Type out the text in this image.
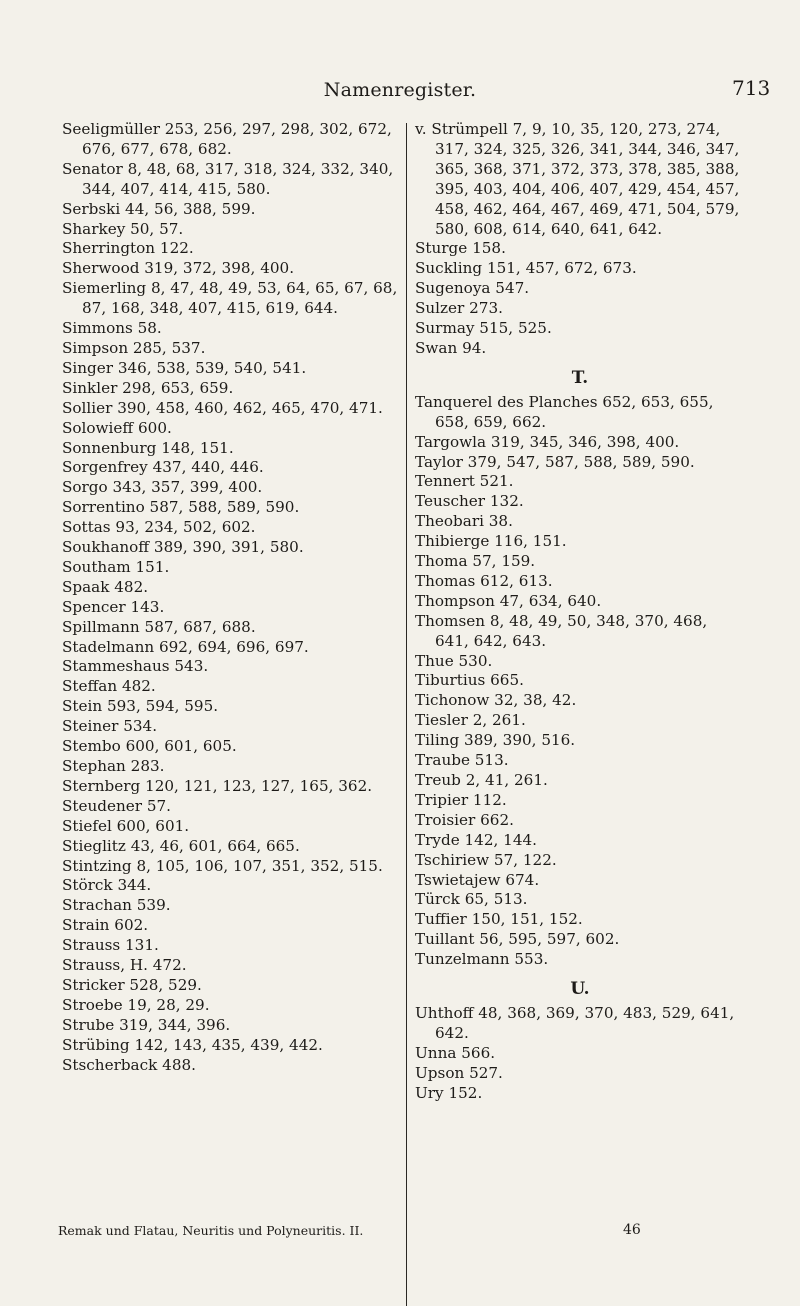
Namenregister.	713
Seeligmüller 253, 256, 297, 298, 302, 672, 676, 677, 678, 682.
Senator 8, 48, 68, 317, 318, 324, 332, 340, 344, 407, 414, 415, 580.
Serbski 44, 56, 388, 599.
Sharkey 50, 57.
Sherrington 122.
Sherwood 319, 372, 398, 400.
Siemerling 8, 47, 48, 49, 53, 64, 65, 67, 68, 87, 168, 348, 407, 415, 619, 644.
Simmons 58.
Simpson 285, 537.
Singer 346, 538, 539, 540, 541.
Sinkler 298, 653, 659.
Sollier 390, 458, 460, 462, 465, 470, 471.
Solowieff 600.
Sonnenburg 148, 151.
Sorgenfrey 437, 440, 446.
Sorgo 343, 357, 399, 400.
Sorrentino 587, 588, 589, 590.
Sottas 93, 234, 502, 602.
Soukhanoff 389, 390, 391, 580.
Southam 151.
Spaak 482.
Spencer 143.
Spillmann 587, 687, 688.
Stadelmann 692, 694, 696, 697.
Stammeshaus 543.
Steffan 482.
Stein 593, 594, 595.
Steiner 534.
Stembo 600, 601, 605.
Stephan 283.
Sternberg 120, 121, 123, 127, 165, 362.
Steudener 57.
Stiefel 600, 601.
Stieglitz 43, 46, 601, 664, 665.
Stintzing 8, 105, 106, 107, 351, 352, 515.
Störck 344.
Strachan 539.
Strain 602.
Strauss 131.
Strauss, H. 472.
Stricker 528, 529.
Stroebe 19, 28, 29.
Strube 319, 344, 396.
Strübing 142, 143, 435, 439, 442.
Stscherback 488.
v. Strümpell 7, 9, 10, 35, 120, 273, 274, 317, 324, 325, 326, 341, 344, 346, 347, 365, 368, 371, 372, 373, 378, 385, 388, 395, 403, 404, 406, 407, 429, 454, 457, 458, 462, 464, 467, 469, 471, 504, 579, 580, 608, 614, 640, 641, 642.
Sturge 158.
Suckling 151, 457, 672, 673.
Sugenoya 547.
Sulzer 273.
Surmay 515, 525.
Swan 94.
T.
Tanquerel des Planches 652, 653, 655, 658, 659, 662.
Targowla 319, 345, 346, 398, 400.
Taylor 379, 547, 587, 588, 589, 590.
Tennert 521.
Teuscher 132.
Theobari 38.
Thibierge 116, 151.
Thoma 57, 159.
Thomas 612, 613.
Thompson 47, 634, 640.
Thomsen 8, 48, 49, 50, 348, 370, 468, 641, 642, 643.
Thue 530.
Tiburtius 665.
Tichonow 32, 38, 42.
Tiesler 2, 261.
Tiling 389, 390, 516.
Traube 513.
Treub 2, 41, 261.
Tripier 112.
Troisier 662.
Tryde 142, 144.
Tschiriew 57, 122.
Tswietajew 674.
Türck 65, 513.
Tuffier 150, 151, 152.
Tuillant 56, 595, 597, 602.
Tunzelmann 553.
U.
Uhthoff 48, 368, 369, 370, 483, 529, 641, 642.
Unna 566.
Upson 527.
Ury 152.
Remak und Flatau, Neuritis und Polyneuritis. II.	46
